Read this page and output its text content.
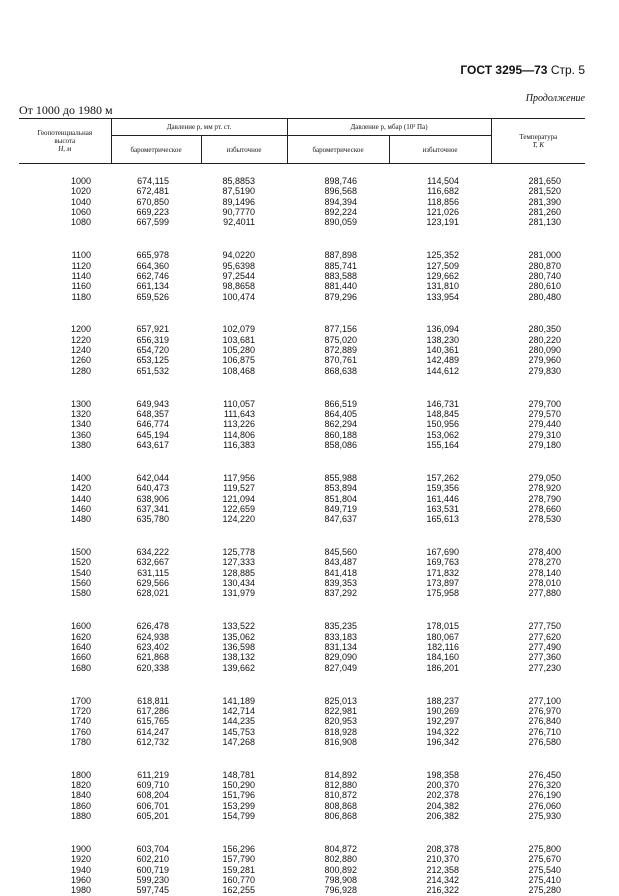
ГОСТ 3295—73 Стр. 5
Продолжение
От 1000 до 1980 м
Геопотенциальная
высота
H, м	Давление p, мм рт. ст.		Давление p, мбар (10² Па)		Температура
T, K
	барометрическое	избыточное	барометрическое	избыточное	

1000	674,115	85,8853	898,746	114,504	281,650
1020	672,481	87,5190	896,568	116,682	281,520
1040	670,850	89,1496	894,394	118,856	281,390
1060	669,223	90,7770	892,224	121,026	281,260
1080	667,599	92,4011	890,059	123,191	281,130

1100	665,978	94,0220	887,898	125,352	281,000
1120	664,360	95,6398	885,741	127,509	280,870
1140	662,746	97,2544	883,588	129,662	280,740
1160	661,134	98,8658	881,440	131,810	280,610
1180	659,526	100,474	879,296	133,954	280,480

1200	657,921	102,079	877,156	136,094	280,350
1220	656,319	103,681	875,020	138,230	280,220
1240	654,720	105,280	872,889	140,361	280,090
1260	653,125	106,875	870,761	142,489	279,960
1280	651,532	108,468	868,638	144,612	279,830

1300	649,943	110,057	866,519	146,731	279,700
1320	648,357	111,643	864,405	148,845	279,570
1340	646,774	113,226	862,294	150,956	279,440
1360	645,194	114,806	860,188	153,062	279,310
1380	643,617	116,383	858,086	155,164	279,180

1400	642,044	117,956	855,988	157,262	279,050
1420	640,473	119,527	853,894	159,356	278,920
1440	638,906	121,094	851,804	161,446	278,790
1460	637,341	122,659	849,719	163,531	278,660
1480	635,780	124,220	847,637	165,613	278,530

1500	634,222	125,778	845,560	167,690	278,400
1520	632,667	127,333	843,487	169,763	278,270
1540	631,115	128,885	841,418	171,832	278,140
1560	629,566	130,434	839,353	173,897	278,010
1580	628,021	131,979	837,292	175,958	277,880

1600	626,478	133,522	835,235	178,015	277,750
1620	624,938	135,062	833,183	180,067	277,620
1640	623,402	136,598	831,134	182,116	277,490
1660	621,868	138,132	829,090	184,160	277,360
1680	620,338	139,662	827,049	186,201	277,230

1700	618,811	141,189	825,013	188,237	277,100
1720	617,286	142,714	822,981	190,269	276,970
1740	615,765	144,235	820,953	192,297	276,840
1760	614,247	145,753	818,928	194,322	276,710
1780	612,732	147,268	816,908	196,342	276,580

1800	611,219	148,781	814,892	198,358	276,450
1820	609,710	150,290	812,880	200,370	276,320
1840	608,204	151,796	810,872	202,378	276,190
1860	606,701	153,299	808,868	204,382	276,060
1880	605,201	154,799	806,868	206,382	275,930

1900	603,704	156,296	804,872	208,378	275,800
1920	602,210	157,790	802,880	210,370	275,670
1940	600,719	159,281	800,892	212,358	275,540
1960	599,230	160,770	798,908	214,342	275,410
1980	597,745	162,255	796,928	216,322	275,280
